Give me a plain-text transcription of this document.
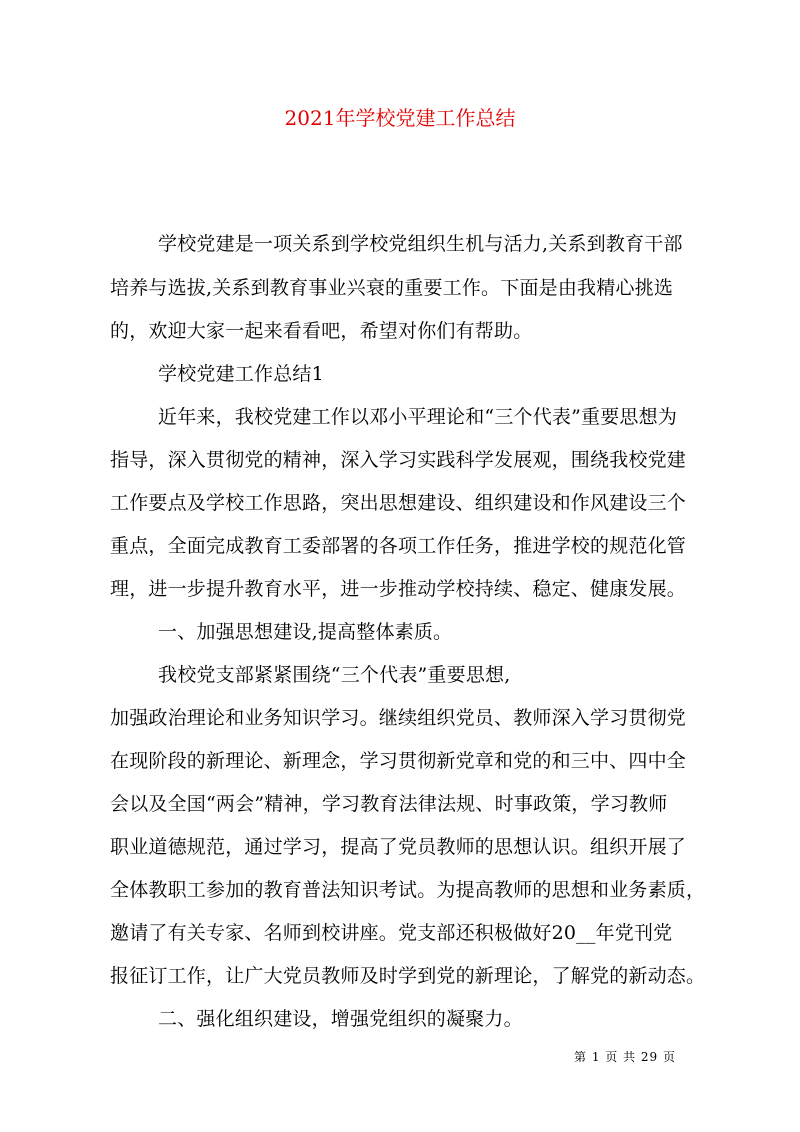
2021年学校党建工作总结
学校党建是一项关系到学校党组织生机与活力,关系到教育干部
培养与选拔,关系到教育事业兴衰的重要工作。下面是由我精心挑选
的，欢迎大家一起来看看吧，希望对你们有帮助。
学校党建工作总结1
近年来，我校党建工作以邓小平理论和“三个代表”重要思想为
指导，深入贯彻党的精神，深入学习实践科学发展观，围绕我校党建
工作要点及学校工作思路，突出思想建设、组织建设和作风建设三个
重点，全面完成教育工委部署的各项工作任务，推进学校的规范化管
理，进一步提升教育水平，进一步推动学校持续、稳定、健康发展。
一、加强思想建设,提高整体素质。
我校党支部紧紧围绕“三个代表”重要思想,
加强政治理论和业务知识学习。继续组织党员、教师深入学习贯彻党
在现阶段的新理论、新理念，学习贯彻新党章和党的和三中、四中全
会以及全国“两会”精神，学习教育法律法规、时事政策，学习教师
职业道德规范，通过学习，提高了党员教师的思想认识。组织开展了
全体教职工参加的教育普法知识考试。为提高教师的思想和业务素质，
邀请了有关专家、名师到校讲座。党支部还积极做好20__年党刊党
报征订工作，让广大党员教师及时学到党的新理论，了解党的新动态。
二、强化组织建设，增强党组织的凝聚力。
第 1 页 共 29 页
